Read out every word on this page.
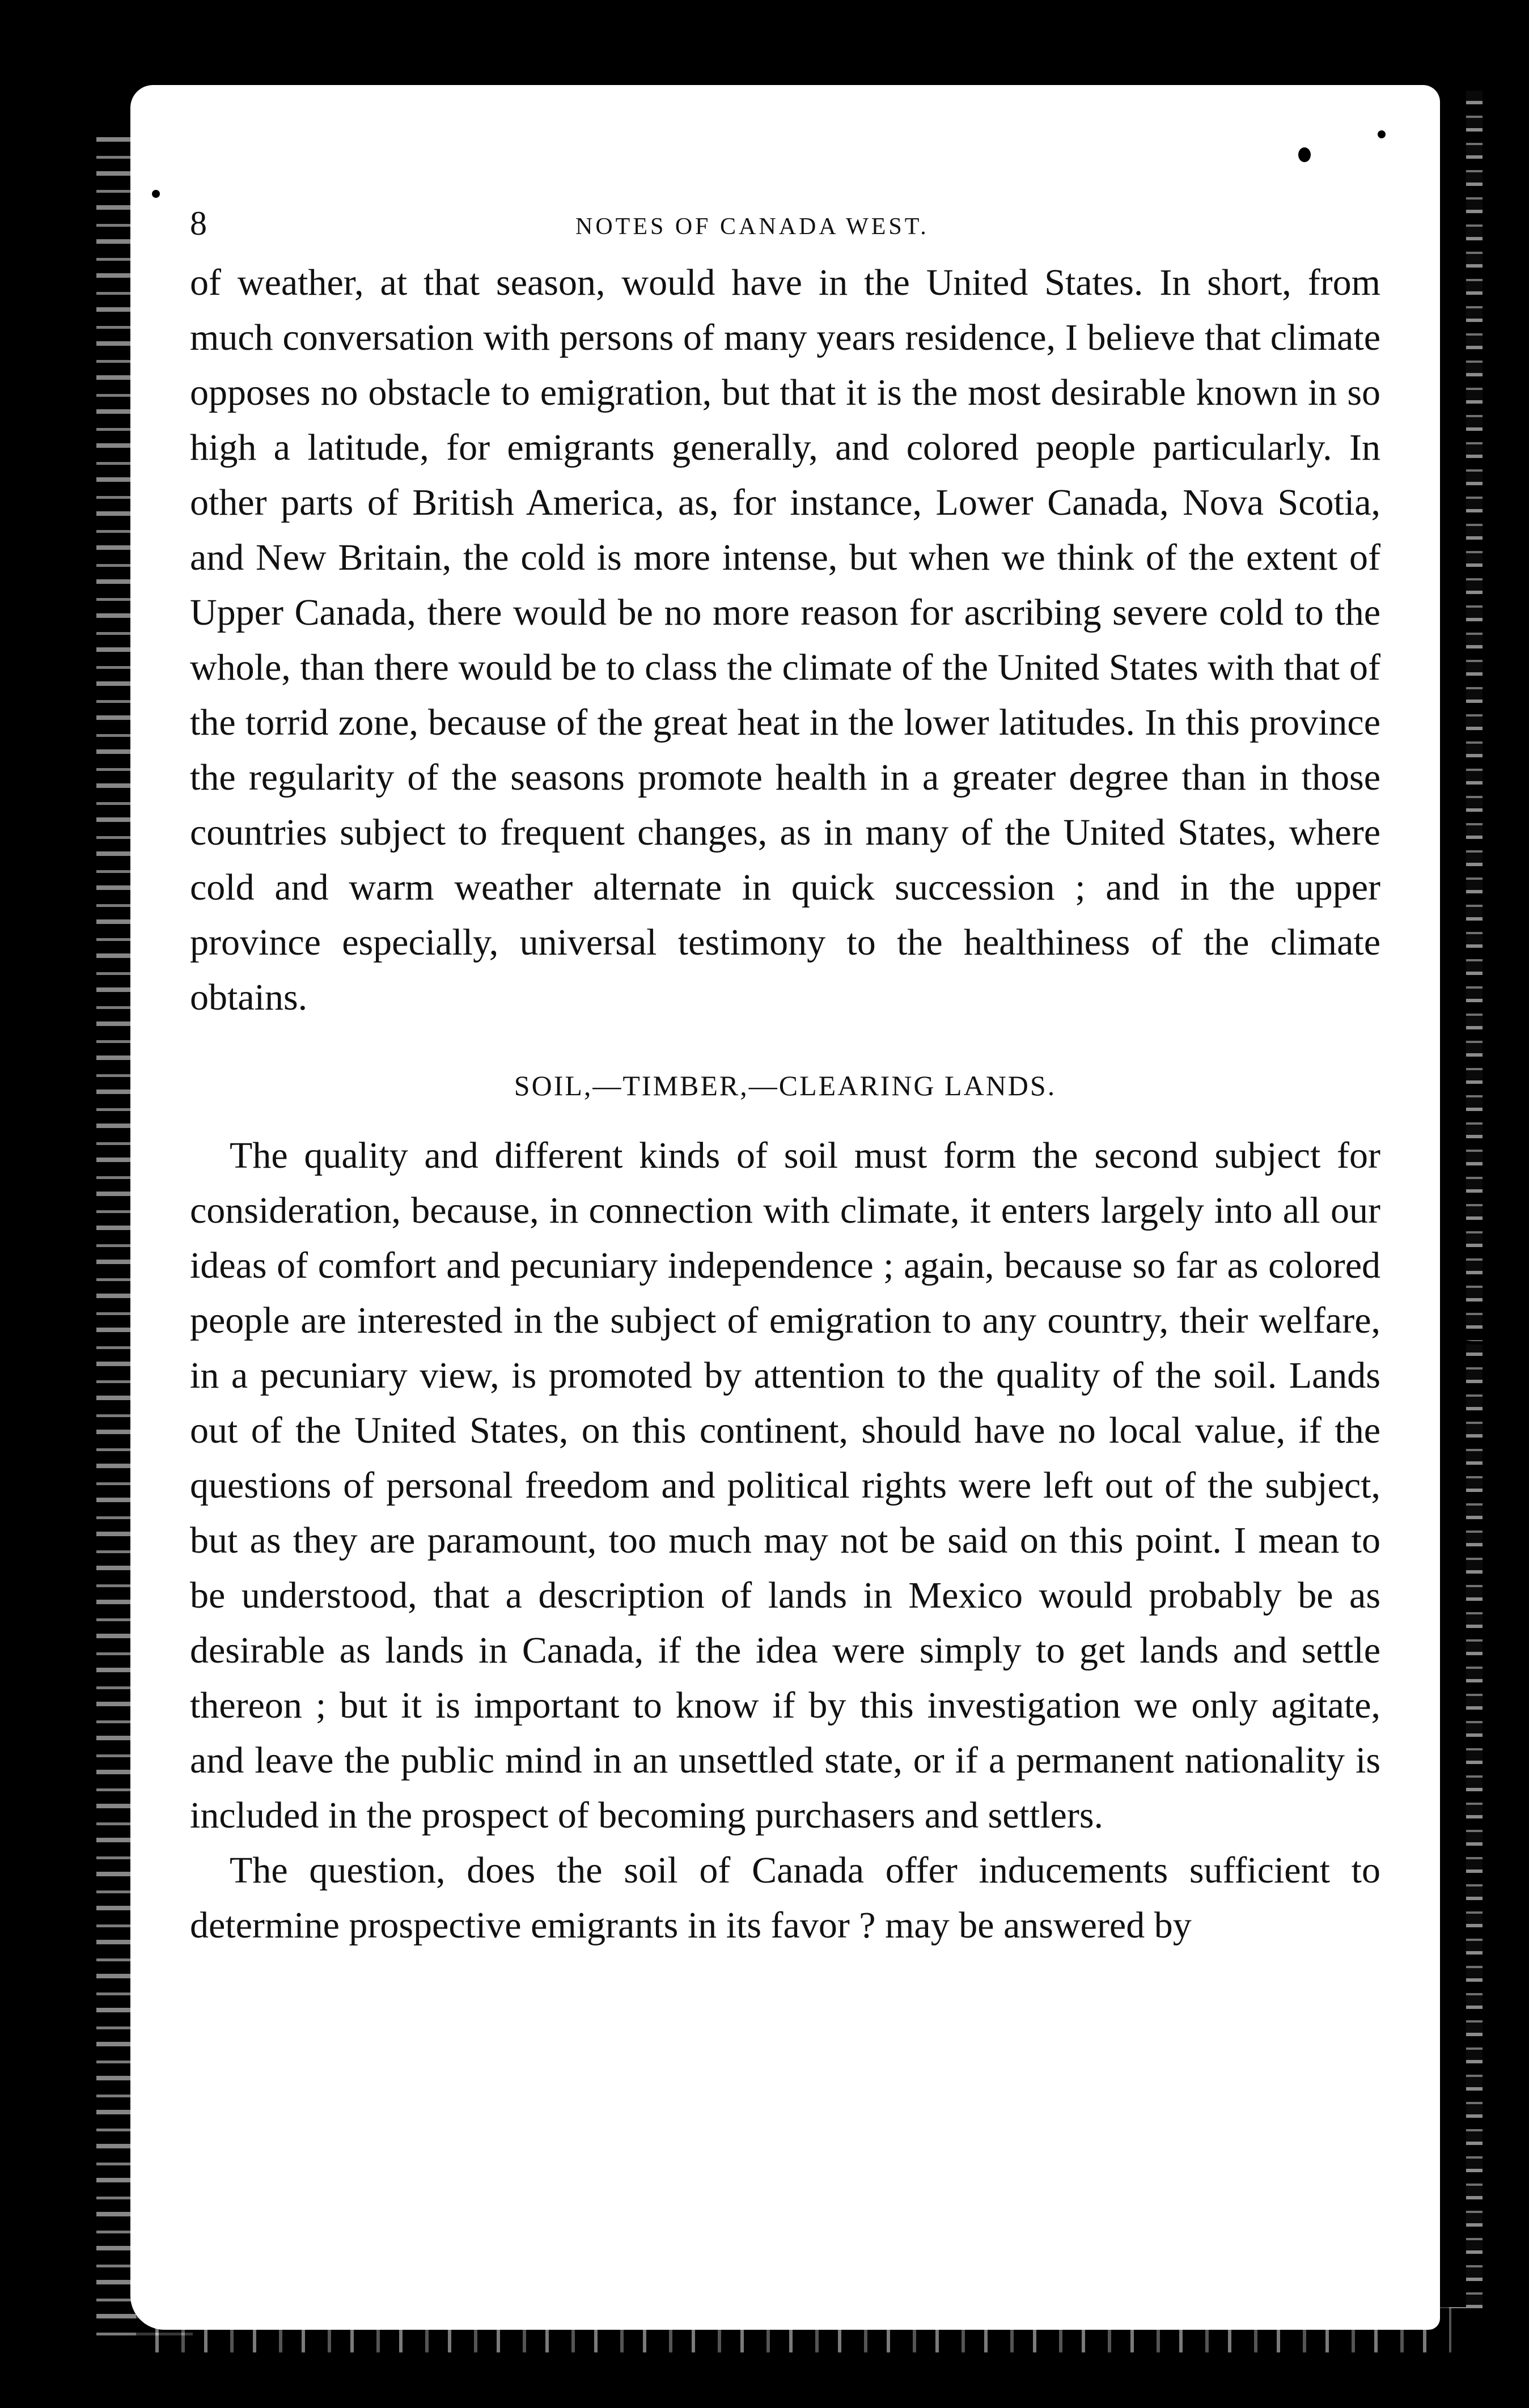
8	NOTES OF CANADA WEST.

of weather, at that season, would have in the United States. In short, from much conversation with persons of many years residence, I believe that climate opposes no obstacle to emigration, but that it is the most desirable known in so high a latitude, for emigrants generally, and colored people particularly. In other parts of British America, as, for instance, Lower Canada, Nova Scotia, and New Britain, the cold is more intense, but when we think of the extent of Upper Canada, there would be no more reason for ascribing severe cold to the whole, than there would be to class the climate of the United States with that of the torrid zone, because of the great heat in the lower latitudes. In this province the regularity of the seasons promote health in a greater degree than in those countries subject to frequent changes, as in many of the United States, where cold and warm weather alternate in quick succession ; and in the upper province especially, universal testimony to the healthiness of the climate obtains.

SOIL,—TIMBER,—CLEARING LANDS.

The quality and different kinds of soil must form the second subject for consideration, because, in connection with climate, it enters largely into all our ideas of comfort and pecuniary independence ; again, because so far as colored people are interested in the subject of emigration to any country, their welfare, in a pecuniary view, is promoted by attention to the quality of the soil. Lands out of the United States, on this continent, should have no local value, if the questions of personal freedom and political rights were left out of the subject, but as they are paramount, too much may not be said on this point. I mean to be understood, that a description of lands in Mexico would probably be as desirable as lands in Canada, if the idea were simply to get lands and settle thereon ; but it is important to know if by this investigation we only agitate, and leave the public mind in an unsettled state, or if a permanent nationality is included in the prospect of becoming purchasers and settlers.

The question, does the soil of Canada offer inducements sufficient to determine prospective emigrants in its favor ? may be answered by
